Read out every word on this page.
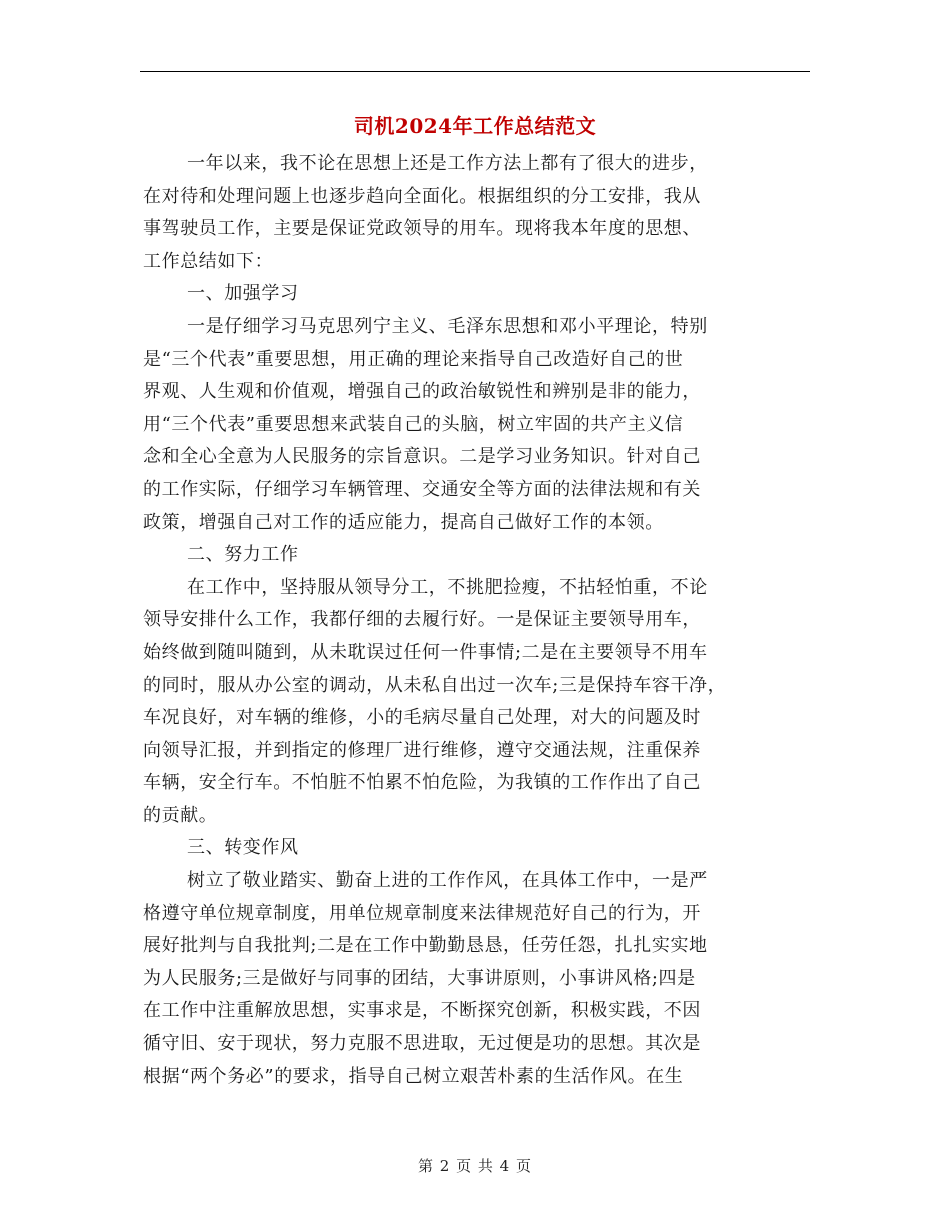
司机2024年工作总结范文
一年以来，我不论在思想上还是工作方法上都有了很大的进步，
在对待和处理问题上也逐步趋向全面化。根据组织的分工安排，我从
事驾驶员工作，主要是保证党政领导的用车。现将我本年度的思想、
工作总结如下：
一、加强学习
一是仔细学习马克思列宁主义、毛泽东思想和邓小平理论，特别
是“三个代表”重要思想，用正确的理论来指导自己改造好自己的世
界观、人生观和价值观，增强自己的政治敏锐性和辨别是非的能力，
用“三个代表”重要思想来武装自己的头脑，树立牢固的共产主义信
念和全心全意为人民服务的宗旨意识。二是学习业务知识。针对自己
的工作实际，仔细学习车辆管理、交通安全等方面的法律法规和有关
政策，增强自己对工作的适应能力，提高自己做好工作的本领。
二、努力工作
在工作中，坚持服从领导分工，不挑肥捡瘦，不拈轻怕重，不论
领导安排什么工作，我都仔细的去履行好。一是保证主要领导用车，
始终做到随叫随到，从未耽误过任何一件事情;二是在主要领导不用车
的同时，服从办公室的调动，从未私自出过一次车;三是保持车容干净，
车况良好，对车辆的维修，小的毛病尽量自己处理，对大的问题及时
向领导汇报，并到指定的修理厂进行维修，遵守交通法规，注重保养
车辆，安全行车。不怕脏不怕累不怕危险，为我镇的工作作出了自己
的贡献。
三、转变作风
树立了敬业踏实、勤奋上进的工作作风，在具体工作中，一是严
格遵守单位规章制度，用单位规章制度来法律规范好自己的行为，开
展好批判与自我批判;二是在工作中勤勤恳恳，任劳任怨，扎扎实实地
为人民服务;三是做好与同事的团结，大事讲原则，小事讲风格;四是
在工作中注重解放思想，实事求是，不断探究创新，积极实践，不因
循守旧、安于现状，努力克服不思进取，无过便是功的思想。其次是
根据“两个务必”的要求，指导自己树立艰苦朴素的生活作风。在生
第 2 页 共 4 页
